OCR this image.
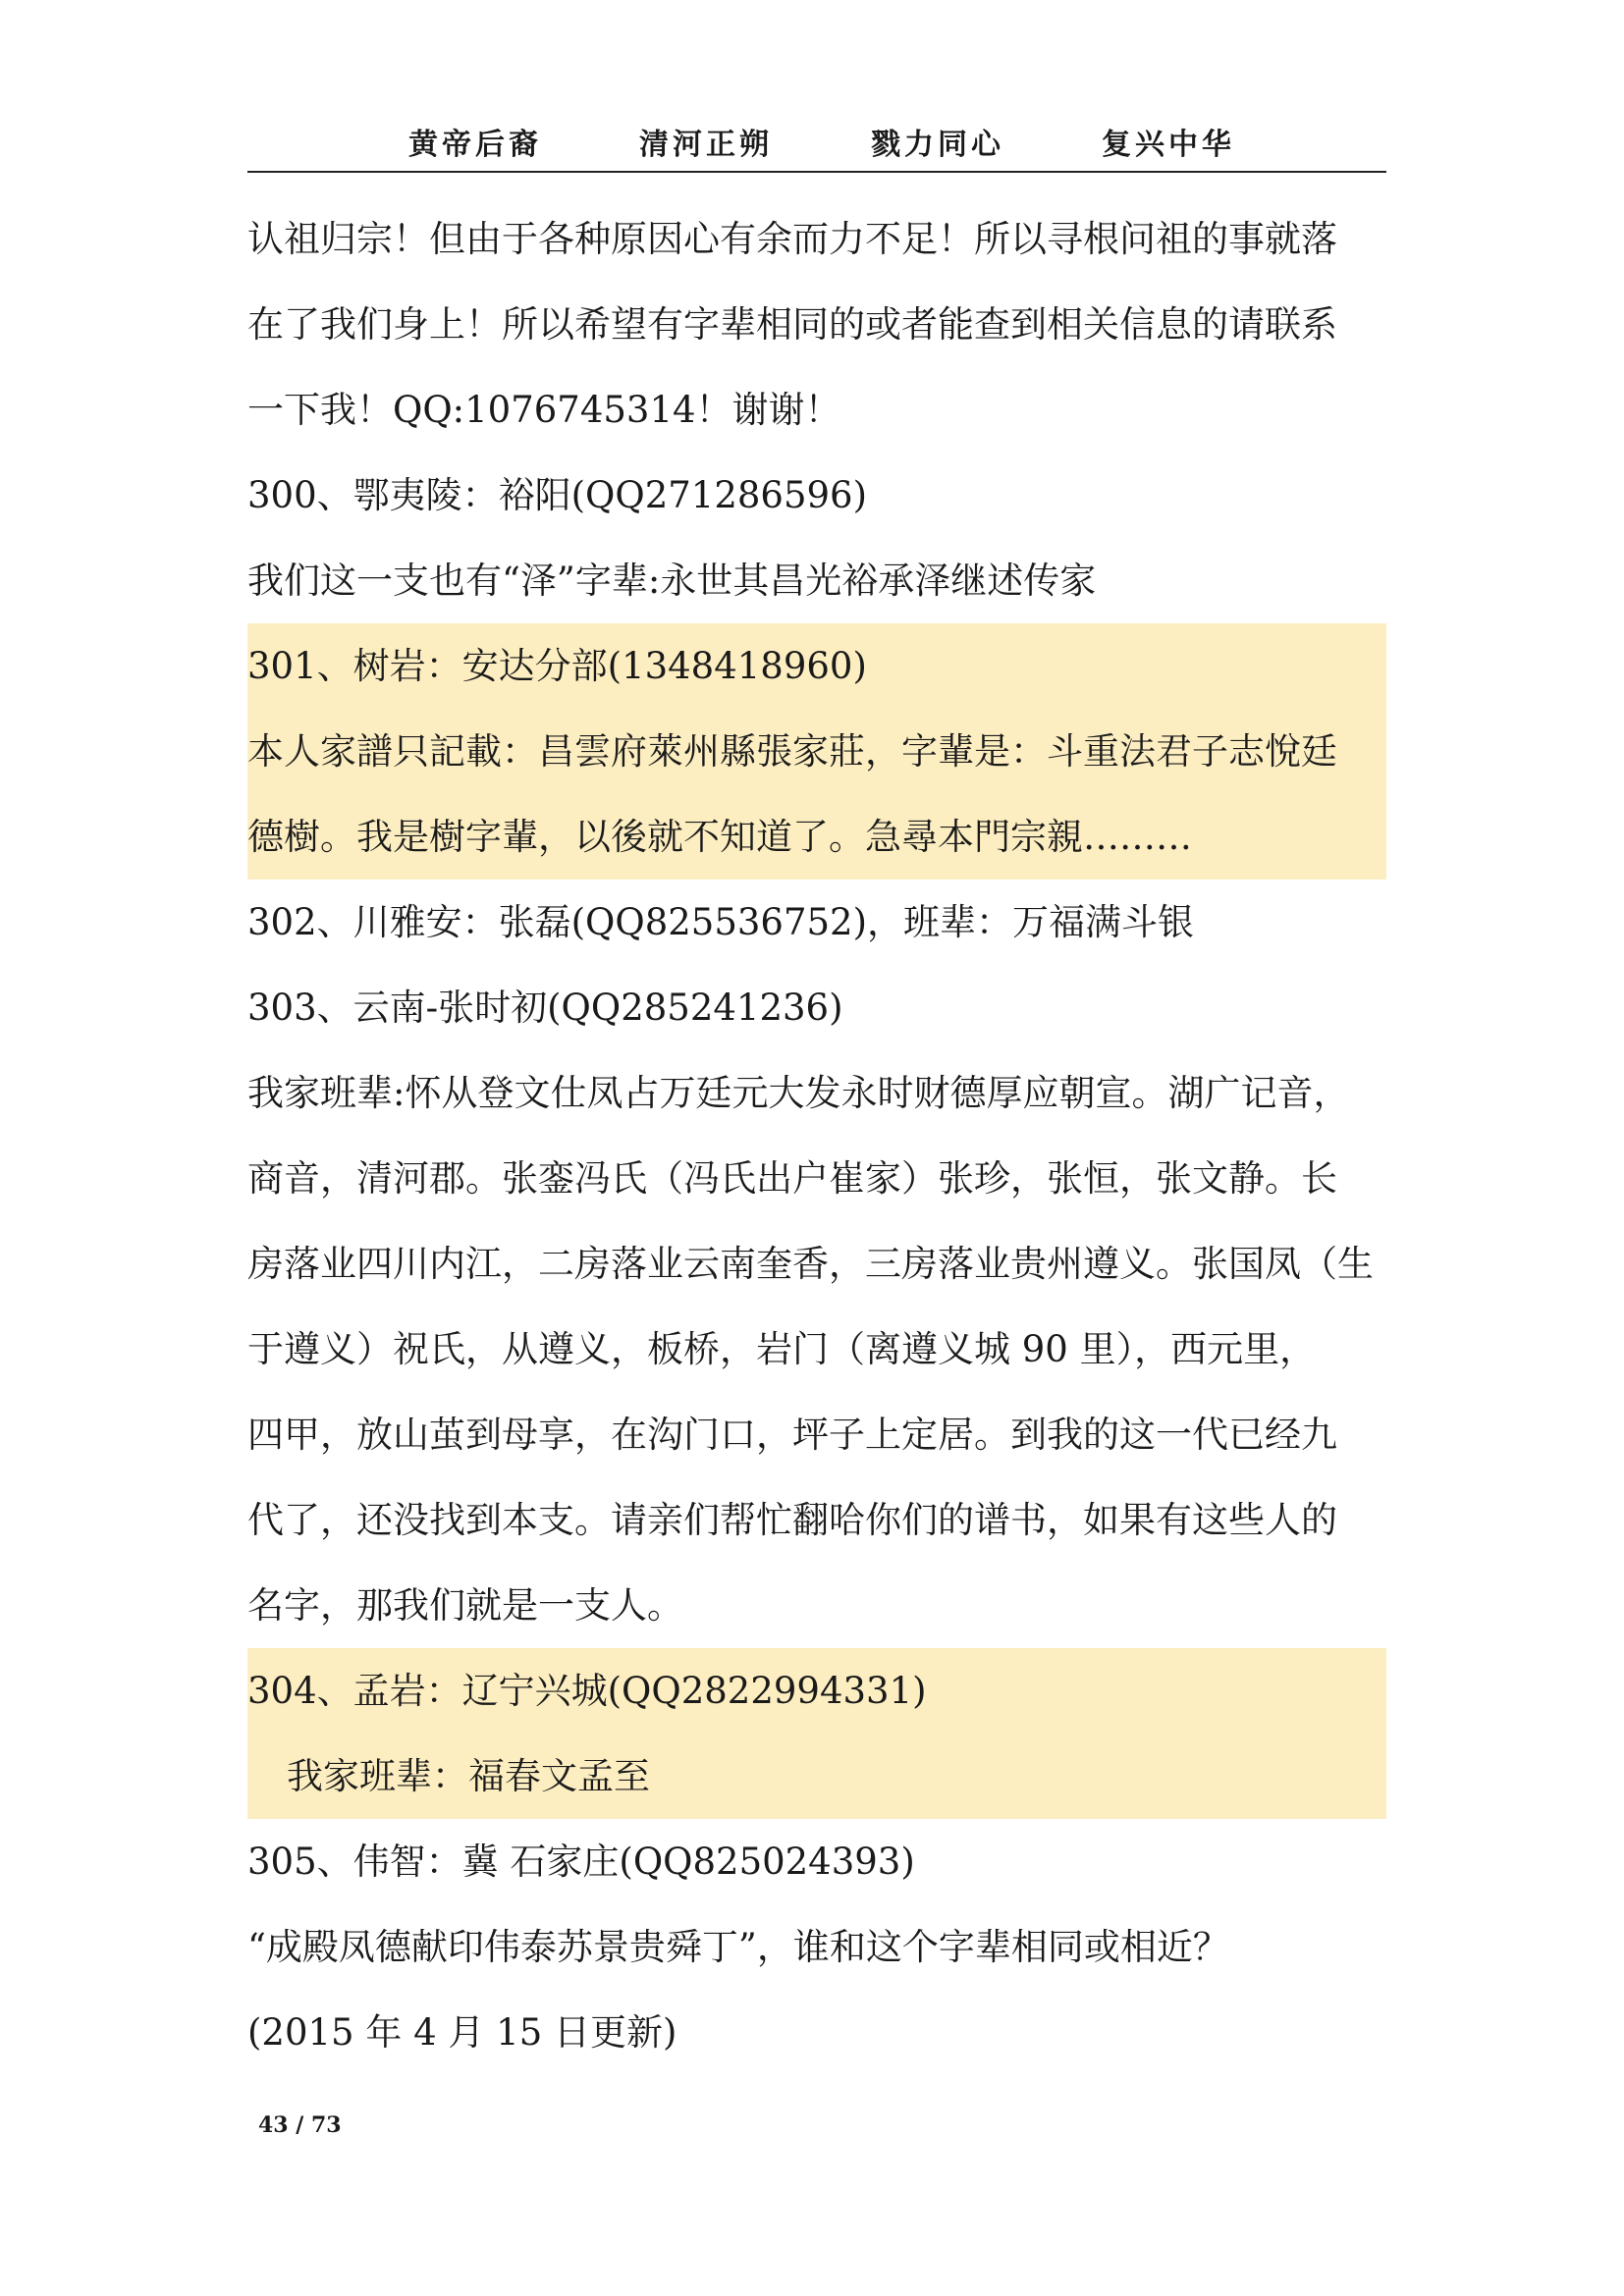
黄帝后裔	清河正朔	戮力同心	复兴中华
认祖归宗！但由于各种原因心有余而力不足！所以寻根问祖的事就落
在了我们身上！所以希望有字辈相同的或者能查到相关信息的请联系
一下我！QQ:1076745314！谢谢！
300、鄂夷陵：裕阳(QQ271286596)
我们这一支也有“泽”字辈:永世其昌光裕承泽继述传家
301、树岩：安达分部(1348418960)
本人家譜只記載：昌雲府萊州縣張家莊，字輩是：斗重法君子志悅廷
德樹。我是樹字輩，以後就不知道了。急尋本門宗親………
302、川雅安：张磊(QQ825536752)，班辈：万福满斗银
303、云南-张时初(QQ285241236)
我家班辈:怀从登文仕凤占万廷元大发永时财德厚应朝宣。湖广记音，
商音，清河郡。张銮冯氏（冯氏出户崔家）张珍，张恒，张文静。长
房落业四川内江，二房落业云南奎香，三房落业贵州遵义。张国凤（生
于遵义）祝氏，从遵义，板桥，岩门（离遵义城 90 里），西元里，
四甲，放山茧到母享，在沟门口，坪子上定居。到我的这一代已经九
代了，还没找到本支。请亲们帮忙翻哈你们的谱书，如果有这些人的
名字，那我们就是一支人。
304、孟岩：辽宁兴城(QQ2822994331)
我家班辈：福春文孟至
305、伟智：冀 石家庄(QQ825024393)
“成殿凤德献印伟泰苏景贵舜丁”，谁和这个字辈相同或相近？
(2015 年 4 月 15 日更新)
43 / 73
